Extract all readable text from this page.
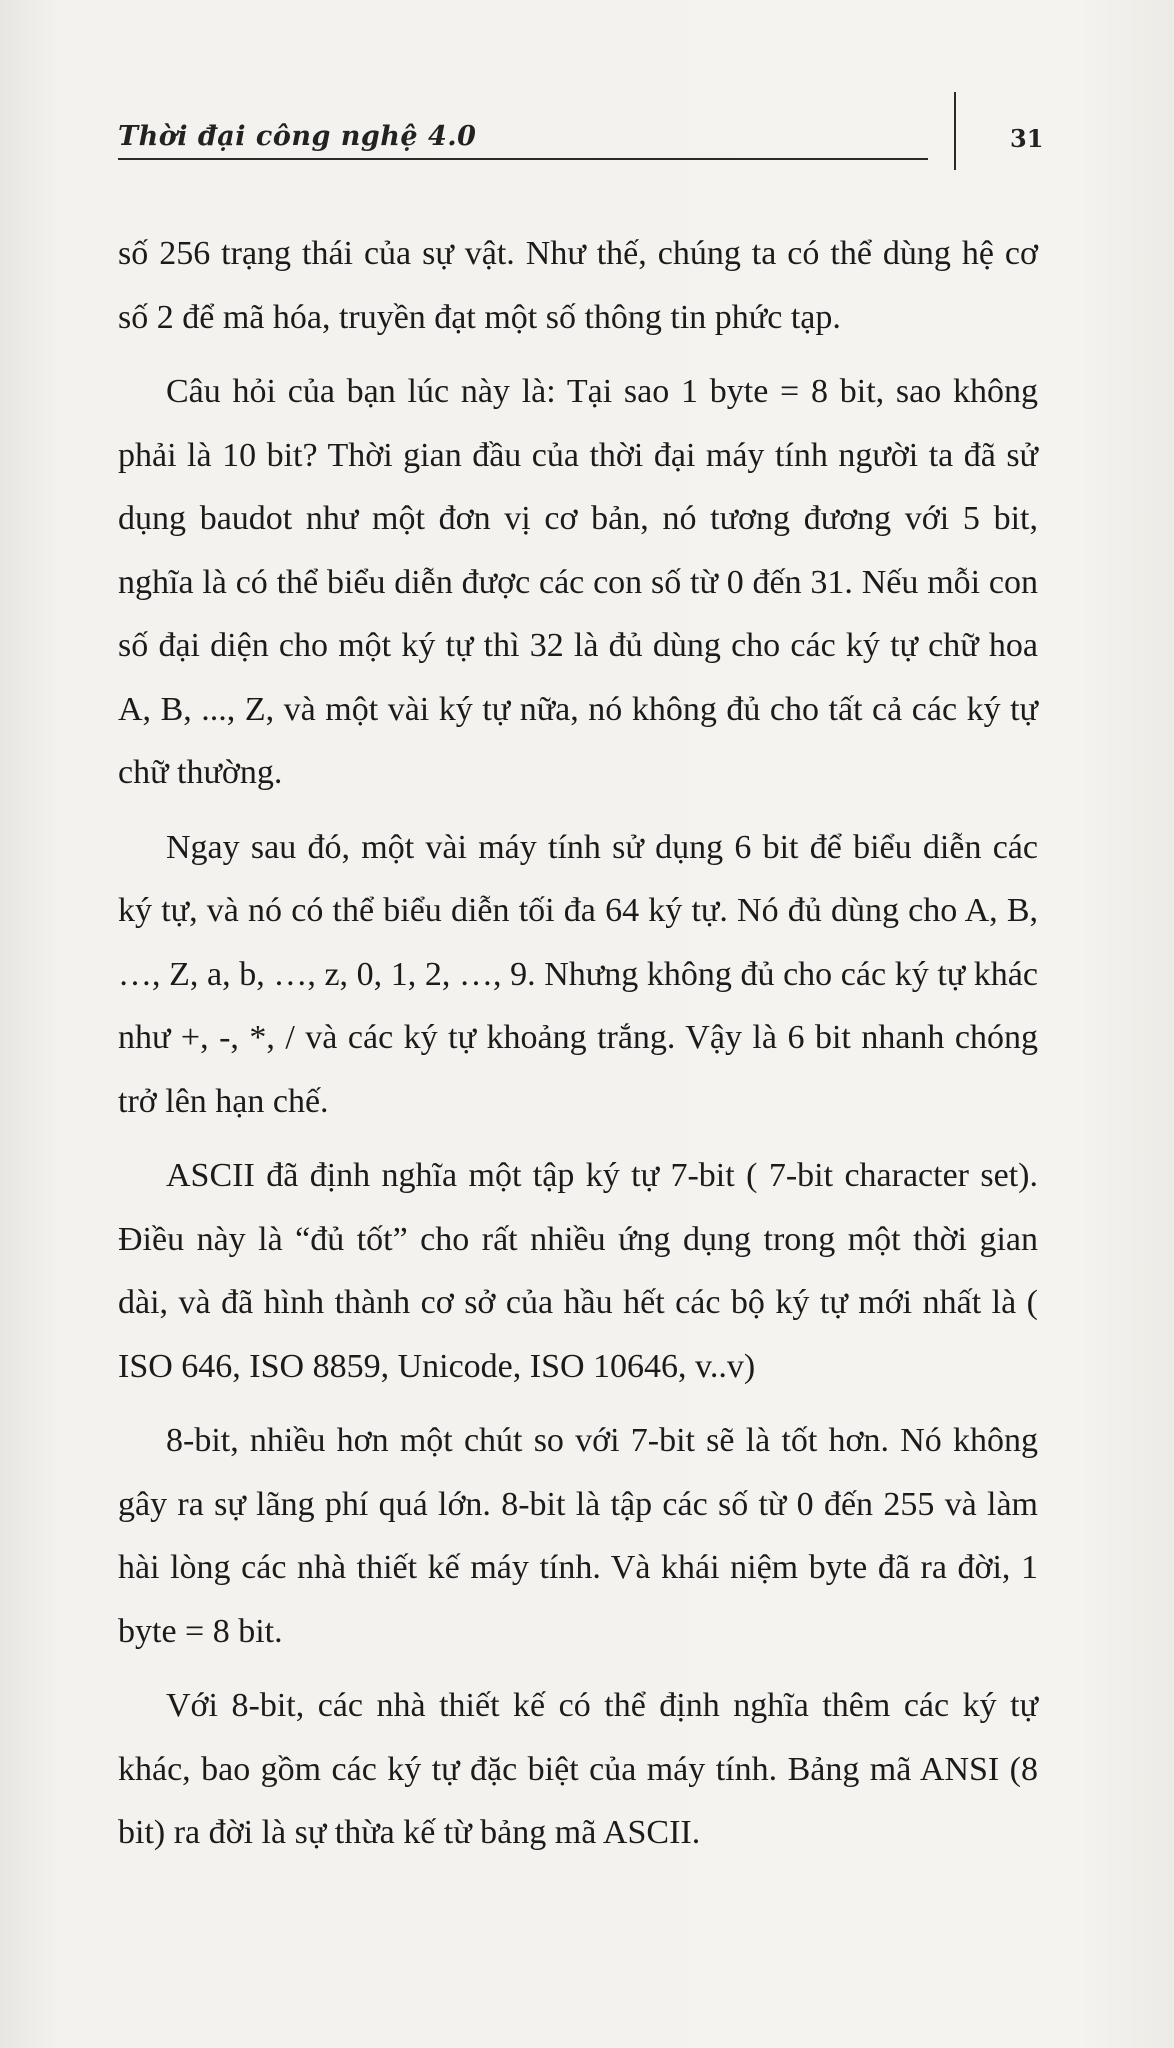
Thời đại công nghệ 4.0	31

số 256 trạng thái của sự vật. Như thế, chúng ta có thể dùng hệ cơ số 2 để mã hóa, truyền đạt một số thông tin phức tạp.

Câu hỏi của bạn lúc này là: Tại sao 1 byte = 8 bit, sao không phải là 10 bit? Thời gian đầu của thời đại máy tính người ta đã sử dụng baudot như một đơn vị cơ bản, nó tương đương với 5 bit, nghĩa là có thể biểu diễn được các con số từ 0 đến 31. Nếu mỗi con số đại diện cho một ký tự thì 32 là đủ dùng cho các ký tự chữ hoa A, B, ..., Z, và một vài ký tự nữa, nó không đủ cho tất cả các ký tự chữ thường.

Ngay sau đó, một vài máy tính sử dụng 6 bit để biểu diễn các ký tự, và nó có thể biểu diễn tối đa 64 ký tự. Nó đủ dùng cho A, B, …, Z, a, b, …, z, 0, 1, 2, …, 9. Nhưng không đủ cho các ký tự khác như +, -, *, / và các ký tự khoảng trắng. Vậy là 6 bit nhanh chóng trở lên hạn chế.

ASCII đã định nghĩa một tập ký tự 7-bit ( 7-bit character set). Điều này là “đủ tốt” cho rất nhiều ứng dụng trong một thời gian dài, và đã hình thành cơ sở của hầu hết các bộ ký tự mới nhất là ( ISO 646, ISO 8859, Unicode, ISO 10646, v..v)

8-bit, nhiều hơn một chút so với 7-bit sẽ là tốt hơn. Nó không gây ra sự lãng phí quá lớn. 8-bit là tập các số từ 0 đến 255 và làm hài lòng các nhà thiết kế máy tính. Và khái niệm byte đã ra đời, 1 byte = 8 bit.

Với 8-bit, các nhà thiết kế có thể định nghĩa thêm các ký tự khác, bao gồm các ký tự đặc biệt của máy tính. Bảng mã ANSI (8 bit) ra đời là sự thừa kế từ bảng mã ASCII.
